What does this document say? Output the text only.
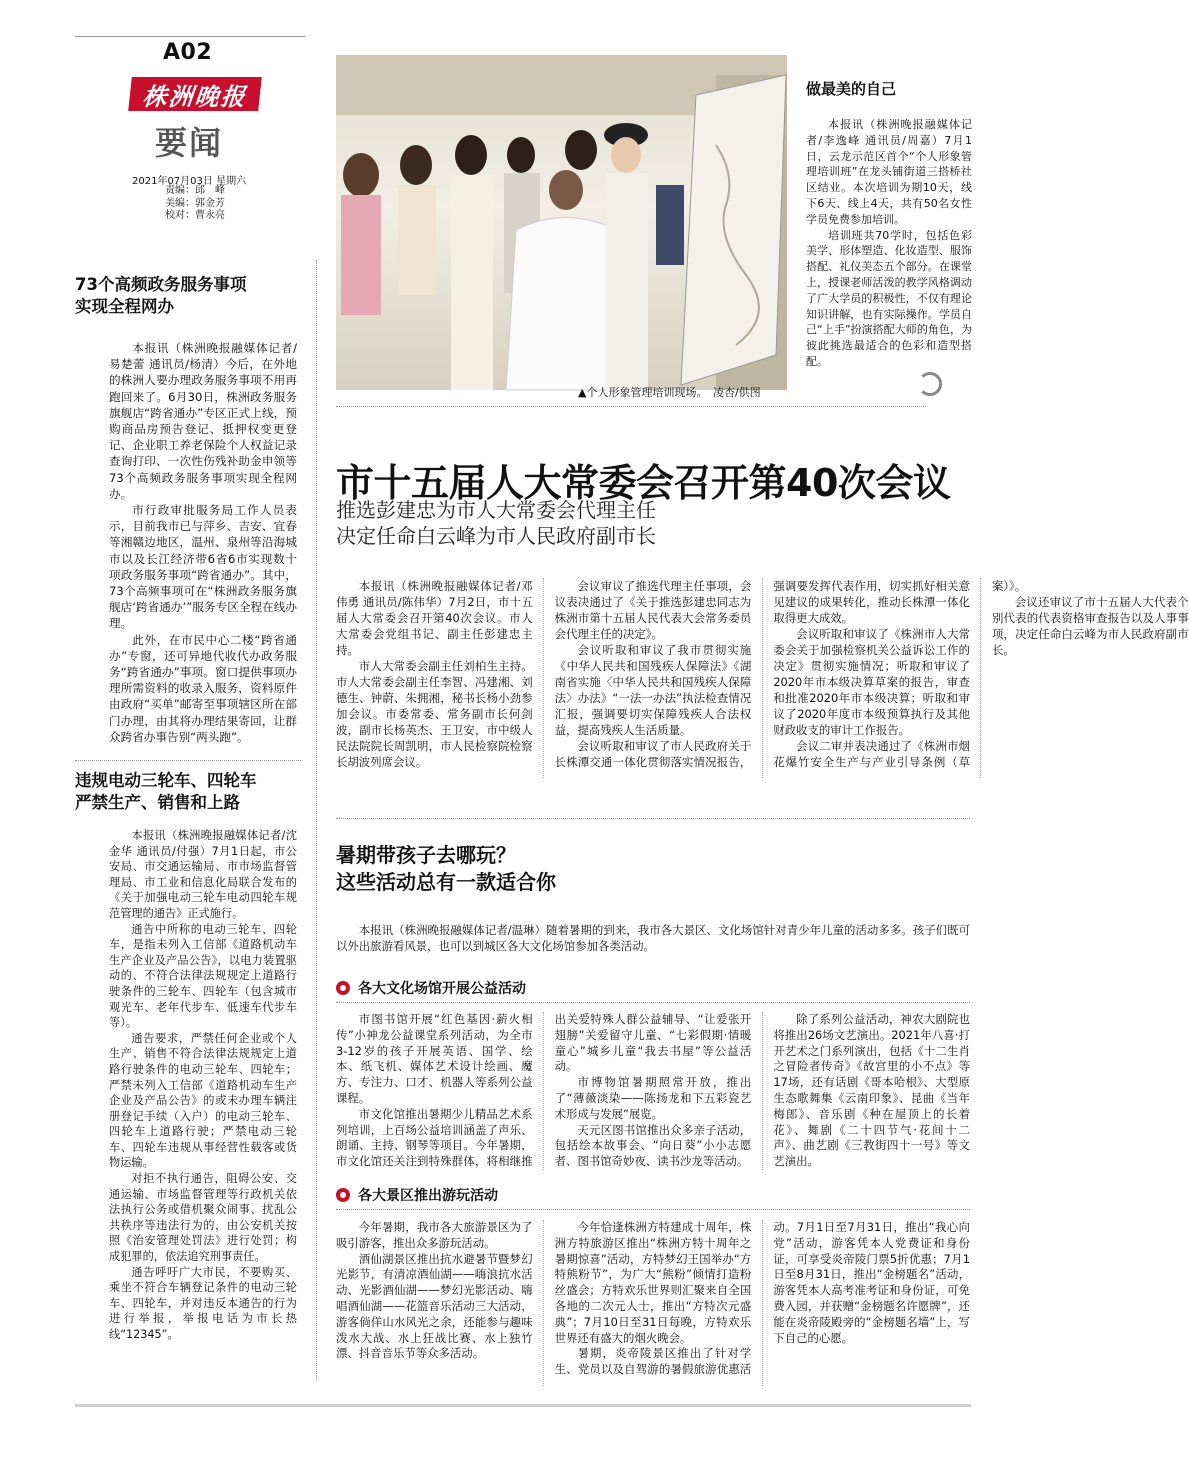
A02
株洲晚报
要闻
2021年07月03日 星期六
责编：邱　峰
美编：郭金芳
校对：曹永亮
73个高频政务服务事项
实现全程网办

本报讯（株洲晚报融媒体记者/易楚蕾 通讯员/杨清）今后，在外地的株洲人要办理政务服务事项不用再跑回来了。6月30日，株洲政务服务旗舰店“跨省通办”专区正式上线，预购商品房预告登记、抵押权变更登记、企业职工养老保险个人权益记录查询打印、一次性伤残补助金申领等73个高频政务服务事项实现全程网办。

市行政审批服务局工作人员表示，目前我市已与萍乡、吉安、宜春等湘赣边地区，温州、泉州等沿海城市以及长江经济带6省6市实现数十项政务服务事项“跨省通办”。其中，73个高频事项可在“株洲政务服务旗舰店‘跨省通办’”服务专区全程在线办理。

此外，在市民中心二楼“跨省通办”专窗，还可异地代收代办政务服务“跨省通办”事项。窗口提供事项办理所需资料的收录入服务，资料原件由政府“买单”邮寄至事项辖区所在部门办理，由其将办理结果寄回，让群众跨省办事告别“两头跑”。

违规电动三轮车、四轮车
严禁生产、销售和上路

本报讯（株洲晚报融媒体记者/沈金华 通讯员/付强）7月1日起，市公安局、市交通运输局、市市场监督管理局、市工业和信息化局联合发布的《关于加强电动三轮车电动四轮车规范管理的通告》正式施行。

通告中所称的电动三轮车、四轮车，是指未列入工信部《道路机动车生产企业及产品公告》，以电力装置驱动的、不符合法律法规规定上道路行驶条件的三轮车、四轮车（包含城市观光车、老年代步车、低速车代步车等）。

通告要求，严禁任何企业或个人生产、销售不符合法律法规规定上道路行驶条件的电动三轮车、四轮车；严禁未列入工信部《道路机动车生产企业及产品公告》的或未办理车辆注册登记手续（入户）的电动三轮车、四轮车上道路行驶；严禁电动三轮车、四轮车违规从事经营性载客或货物运输。

对拒不执行通告，阻碍公安、交通运输、市场监督管理等行政机关依法执行公务或借机聚众闹事、扰乱公共秩序等违法行为的，由公安机关按照《治安管理处罚法》进行处罚；构成犯罪的，依法追究刑事责任。

通告呼吁广大市民，不要购买、乘坐不符合车辆登记条件的电动三轮车、四轮车，并对违反本通告的行为进行举报，举报电话为市长热线“12345”。

▲个人形象管理培训现场。　凌杏/供图
做最美的自己

本报讯（株洲晚报融媒体记者/李逸峰 通讯员/周嘉）7月1日，云龙示范区首个“个人形象管理培训班”在龙头铺街道三搭桥社区结业。本次培训为期10天，线下6天、线上4天，共有50名女性学员免费参加培训。

培训班共70学时，包括色彩美学、形体塑造、化妆造型、服饰搭配、礼仪美态五个部分。在课堂上，授课老师活泼的教学风格调动了广大学员的积极性，不仅有理论知识讲解，也有实际操作。学员自己“上手”扮演搭配大师的角色，为彼此挑选最适合的色彩和造型搭配。

市十五届人大常委会召开第40次会议
推选彭建忠为市人大常委会代理主任
决定任命白云峰为市人民政府副市长

本报讯（株洲晚报融媒体记者/邓伟勇 通讯员/陈伟华）7月2日，市十五届人大常委会召开第40次会议。市人大常委会党组书记、副主任彭建忠主持。

市人大常委会副主任刘柏生主持。市人大常委会副主任李智、冯建湘、刘德生、钟蔚、朱拥湘，秘书长杨小劲参加会议。市委常委、常务副市长何剑波，副市长杨英杰、王卫安，市中级人民法院院长周凯明，市人民检察院检察长胡波列席会议。

会议审议了推选代理主任事项，会议表决通过了《关于推选彭建忠同志为株洲市第十五届人民代表大会常务委员会代理主任的决定》。

会议听取和审议了我市贯彻实施《中华人民共和国残疾人保障法》《湖南省实施〈中华人民共和国残疾人保障法〉办法》“一法一办法”执法检查情况汇报，强调要切实保障残疾人合法权益，提高残疾人生活质量。

会议听取和审议了市人民政府关于长株潭交通一体化贯彻落实情况报告，强调要发挥代表作用，切实抓好相关意见建议的成果转化，推动长株潭一体化取得更大成效。

会议听取和审议了《株洲市人大常委会关于加强检察机关公益诉讼工作的决定》贯彻实施情况；听取和审议了2020年市本级决算草案的报告，审查和批准2020年市本级决算；听取和审议了2020年度市本级预算执行及其他财政收支的审计工作报告。

会议二审并表决通过了《株洲市烟花爆竹安全生产与产业引导条例（草案）》。

会议还审议了市十五届人大代表个别代表的代表资格审查报告以及人事事项，决定任命白云峰为市人民政府副市长。

暑期带孩子去哪玩？
这些活动总有一款适合你

本报讯（株洲晚报融媒体记者/温琳）随着暑期的到来，我市各大景区、文化场馆针对青少年儿童的活动多多。孩子们既可以外出旅游看风景，也可以到城区各大文化场馆参加各类活动。

各大文化场馆开展公益活动

市图书馆开展“红色基因·薪火相传”小神龙公益课堂系列活动，为全市3-12岁的孩子开展英语、国学、绘本、纸飞机、媒体艺术设计绘画、魔方、专注力、口才、机器人等系列公益课程。

市文化馆推出暑期少儿精品艺术系列培训，上百场公益培训涵盖了声乐、朗诵、主持、钢琴等项目。今年暑期，市文化馆还关注到特殊群体，将相继推出关爱特殊人群公益辅导、“让爱张开翅膀”关爱留守儿童、“七彩假期·情暖童心”城乡儿童“我去书屋”等公益活动。

市博物馆暑期照常开放，推出了“薄薇淡染——陈扬龙和下五彩瓷艺术形成与发展”展览。

天元区图书馆推出众多亲子活动，包括绘本故事会、“向日葵”小小志愿者、图书馆奇妙夜、读书沙龙等活动。

除了系列公益活动，神农大剧院也将推出26场文艺演出。2021年八喜·打开艺术之门系列演出，包括《十二生肖之冒险者传奇》《故宫里的小不点》等17场，还有话剧《哥本哈根》、大型原生态歌舞集《云南印象》、昆曲《当年梅郎》、音乐剧《种在屋顶上的长着花》、舞剧《二十四节气·花间十二声》、曲艺剧《三教街四十一号》等文艺演出。

各大景区推出游玩活动

今年暑期，我市各大旅游景区为了吸引游客，推出众多游玩活动。

酒仙湖景区推出抗水避暑节暨梦幻光影节，有清凉酒仙湖——嗨浪抗水活动、光影酒仙湖——梦幻光影活动、嗨唱酒仙湖——花篮音乐活动三大活动，游客倘佯山水风光之余，还能参与趣味泼水大战、水上狂战比赛、水上独竹漂、抖音音乐节等众多活动。

今年恰逢株洲方特建成十周年，株洲方特旅游区推出“株洲方特十周年之暑期惊喜”活动，方特梦幻王国举办“方特熊粉节”，为广大“熊粉”倾情打造粉丝盛会；方特欢乐世界则汇聚来自全国各地的二次元人士，推出“方特次元盛典”；7月10日至31日每晚，方特欢乐世界还有盛大的烟火晚会。

暑期，炎帝陵景区推出了针对学生、党员以及自驾游的暑假旅游优惠活动。7月1日至7月31日，推出“我心向党”活动，游客凭本人党费证和身份证，可享受炎帝陵门票5折优惠；7月1日至8月31日，推出“金榜题名”活动，游客凭本人高考准考证和身份证，可免费入园，并获赠“金榜题名许愿牌”，还能在炎帝陵殿旁的“金榜题名墙”上，写下自己的心愿。
